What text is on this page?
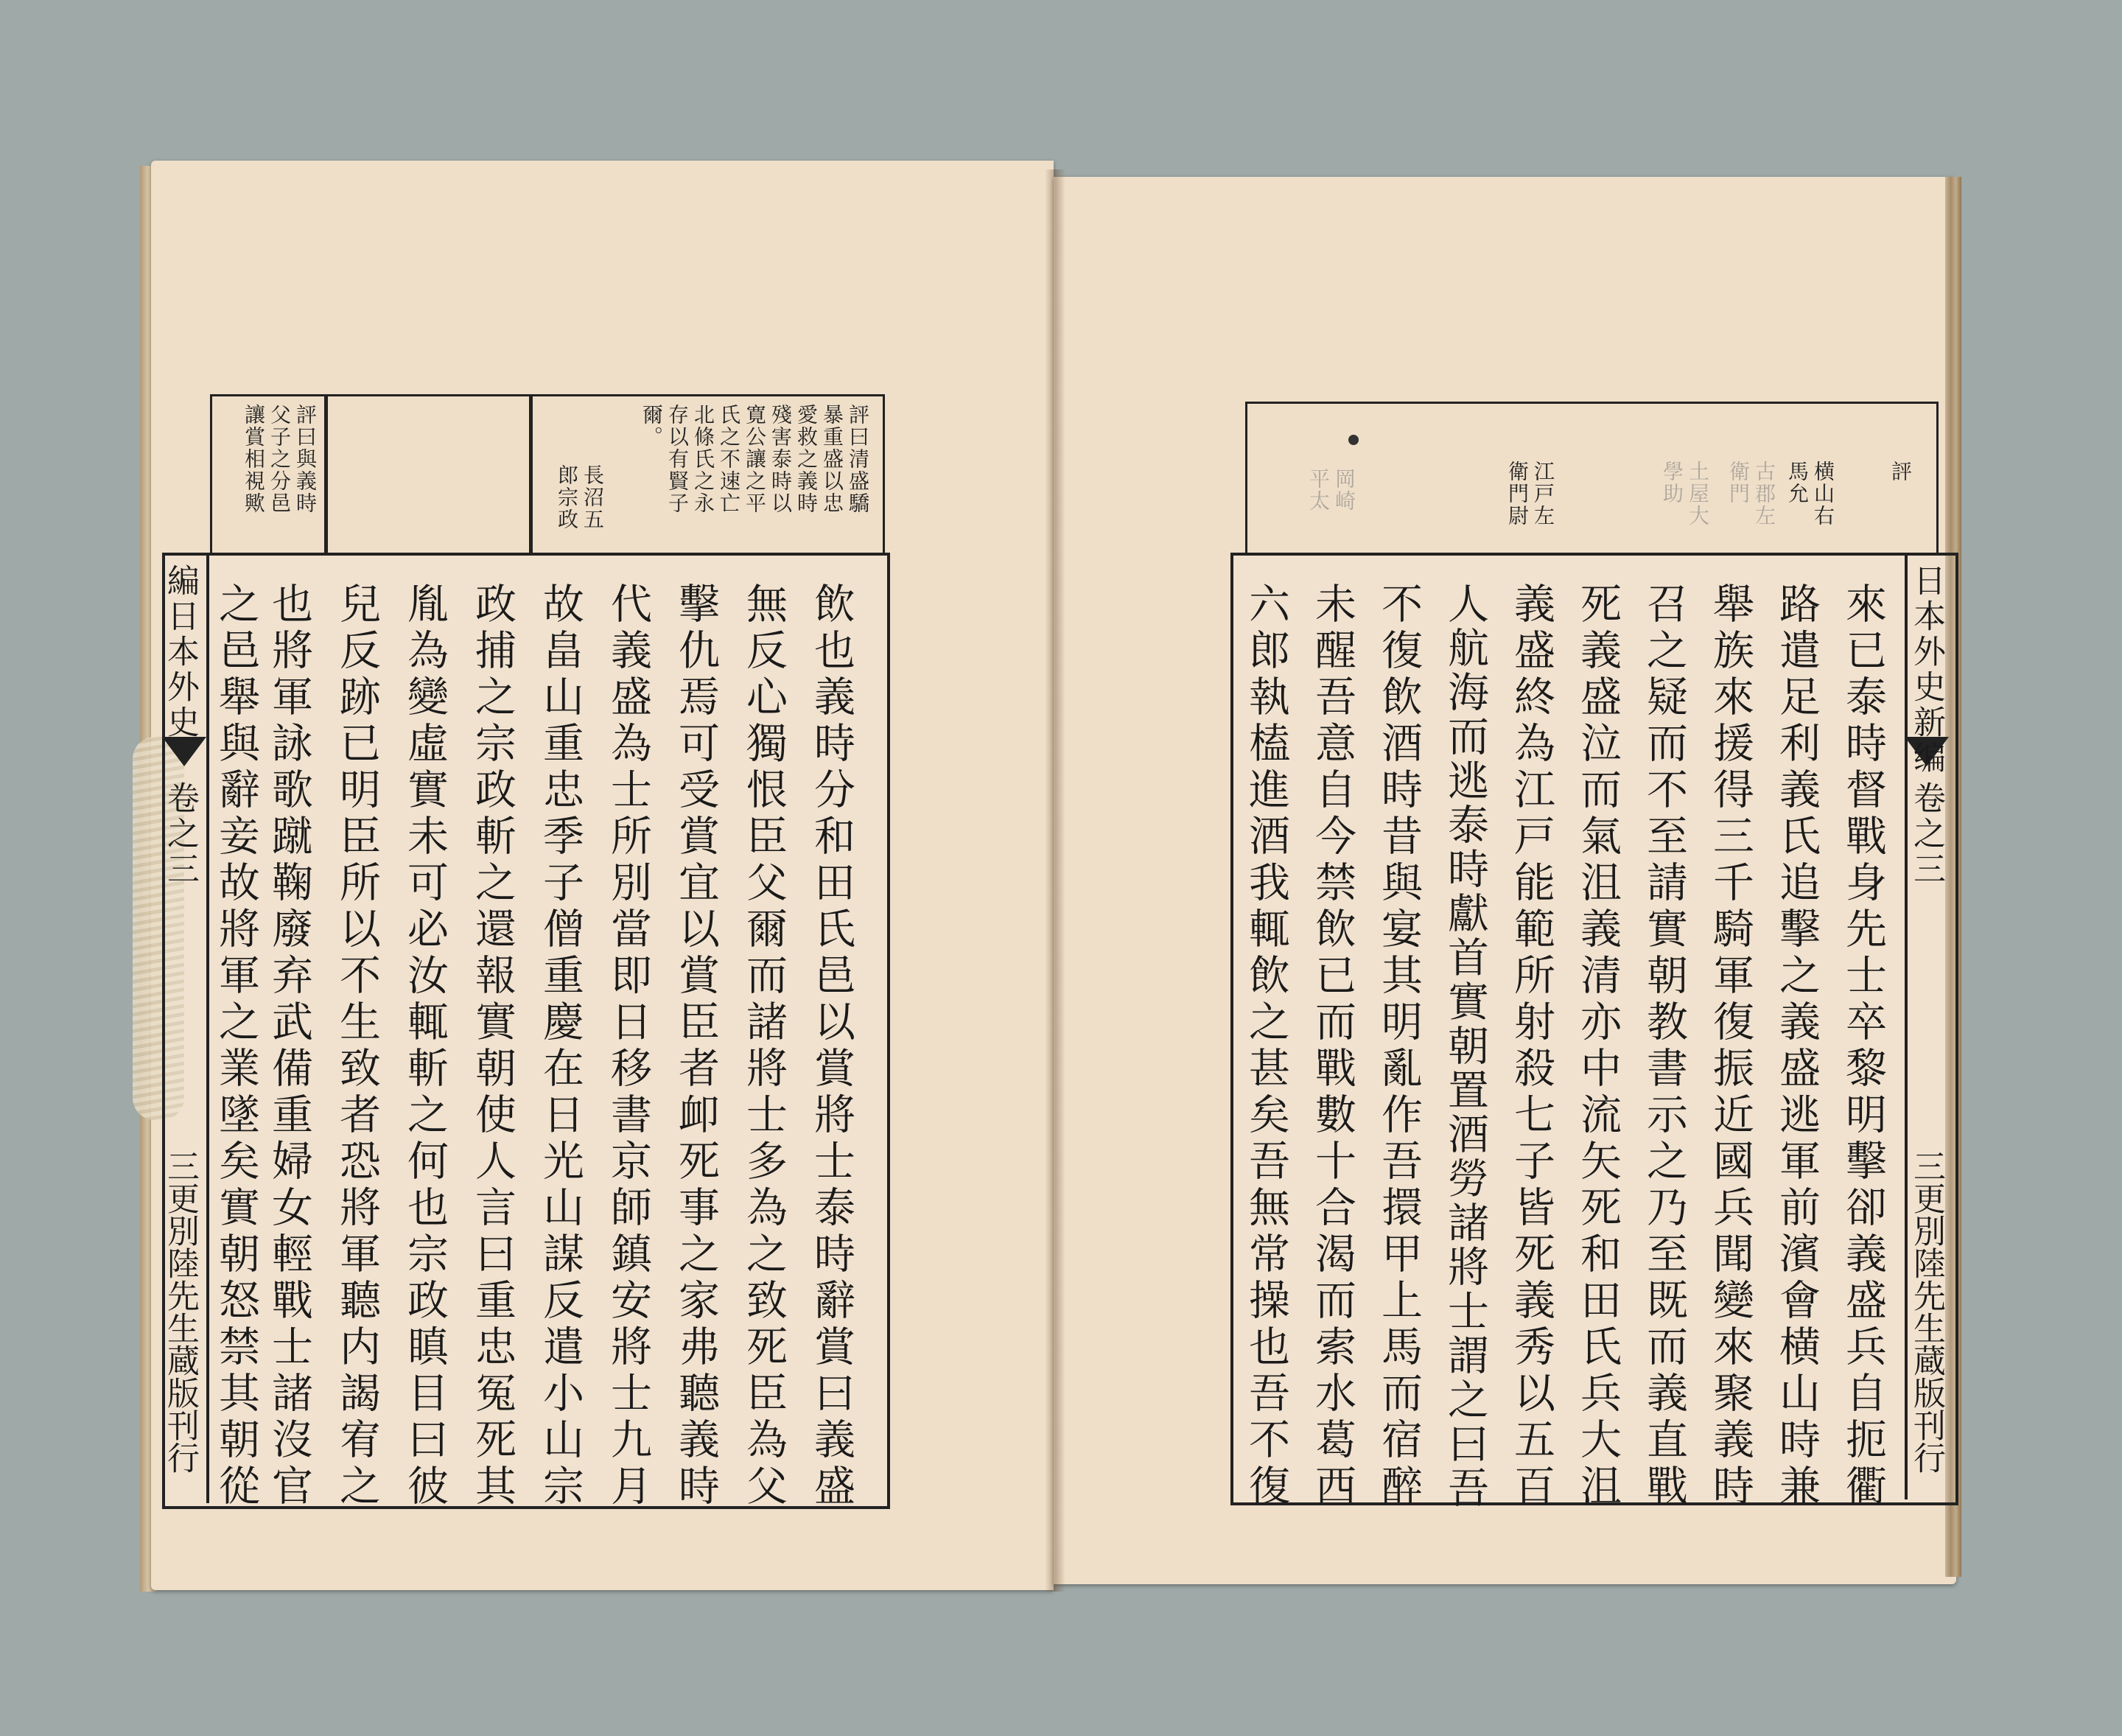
評曰清盛驕
暴重盛以忠
愛救之義時
殘害泰時以
寛公讓之平
氏之不速亡
北條氏之永
存以有賢子
爾。
長沼五
郎宗政
評曰與義時
父子之分邑
讓賞相視歟
編日本外史
卷之三
三更別陸先生蔵版刊行	飲也義時分和田氏邑以賞將士泰時辭賞曰義盛
無反心獨恨臣父爾而諸將士多為之致死臣為父
擊仇焉可受賞宜以賞臣者卹死事之家弗聽義時
代義盛為士所別當即日移書京師鎮安將士九月
故畠山重忠季子僧重慶在日光山謀反遣小山宗
政捕之宗政斬之還報實朝使人言曰重忠冤死其
胤為變虛實未可必汝輒斬之何也宗政瞋目曰彼
兒反跡已明臣所以不生致者恐將軍聽内謁宥之
也將軍詠歌蹴鞠廢弃武備重婦女輕戰士諸沒官
之邑舉與辭妾故將軍之業墜矣實朝怒禁其朝從
評
横山右
馬允
古郡左
衛門
土屋大
學助
江戸左
衛門尉
岡崎
平太
日本外史新编
卷之三
三更別陸先生蔵版刊行
來已泰時督戰身先士卒黎明擊卻義盛兵自扼衢
路遣足利義氏追擊之義盛逃軍前濱會横山時兼
舉族來援得三千騎軍復振近國兵聞變來聚義時
召之疑而不至請實朝教書示之乃至既而義直戰
死義盛泣而氣沮義清亦中流矢死和田氏兵大沮
義盛終為江戸能範所射殺七子皆死義秀以五百
人航海而逃泰時獻首實朝置酒勞諸將士謂之曰吾
不復飲酒時昔與宴其明亂作吾擐甲上馬而宿醉
未醒吾意自今禁飲已而戰數十合渴而索水葛西
六郎執榼進酒我輒飲之甚矣吾無常操也吾不復
